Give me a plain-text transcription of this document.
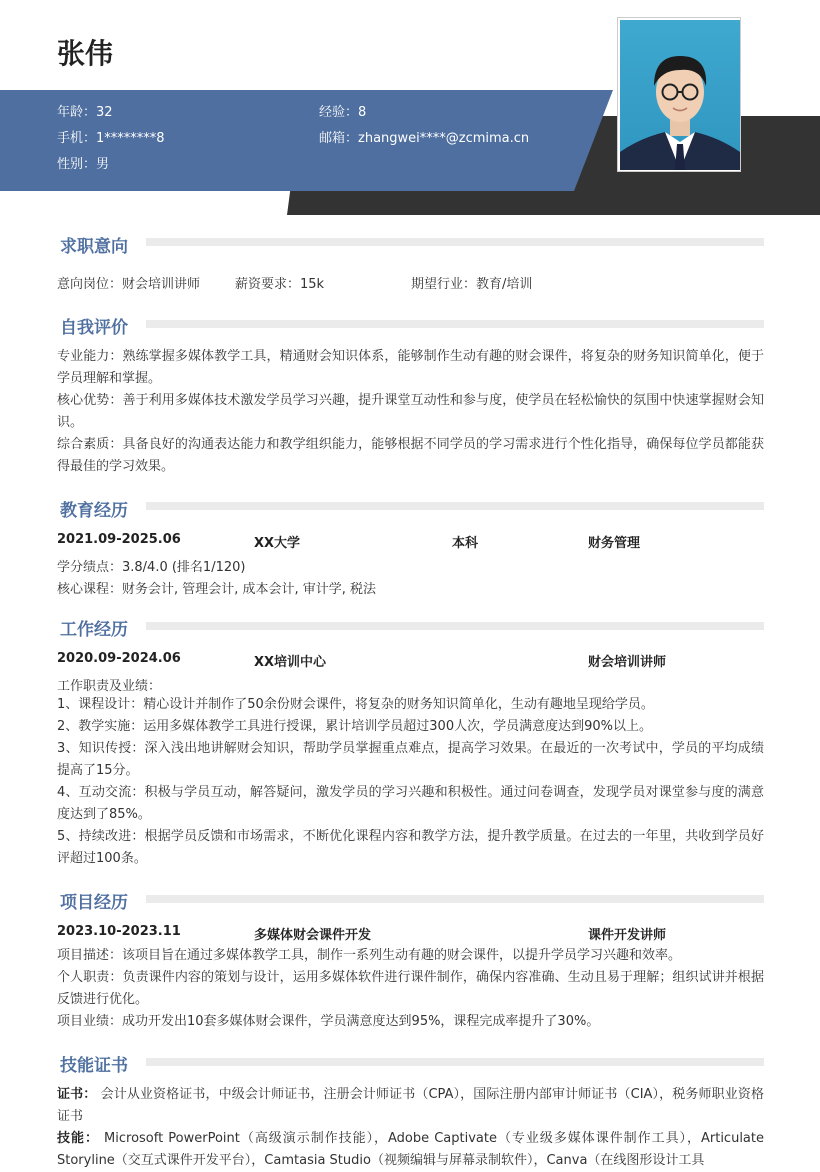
张伟
年龄：32	经验：8
手机：1********8	邮箱：zhangwei****@zcmima.cn
性别：男
求职意向
意向岗位：财会培训讲师	薪资要求：15k	期望行业：教育/培训
自我评价
专业能力：熟练掌握多媒体教学工具，精通财会知识体系，能够制作生动有趣的财会课件，将复杂的财务知识简单化，便于学员理解和掌握。
核心优势：善于利用多媒体技术激发学员学习兴趣，提升课堂互动性和参与度，使学员在轻松愉快的氛围中快速掌握财会知识。
综合素质：具备良好的沟通表达能力和教学组织能力，能够根据不同学员的学习需求进行个性化指导，确保每位学员都能获得最佳的学习效果。
教育经历
2021.09-2025.06	XX大学	本科	财务管理
学分绩点：3.8/4.0 (排名1/120)
核心课程：财务会计, 管理会计, 成本会计, 审计学, 税法
工作经历
2020.09-2024.06	XX培训中心	财会培训讲师
工作职责及业绩：
1、课程设计：精心设计并制作了50余份财会课件，将复杂的财务知识简单化，生动有趣地呈现给学员。
2、教学实施：运用多媒体教学工具进行授课，累计培训学员超过300人次，学员满意度达到90%以上。
3、知识传授：深入浅出地讲解财会知识，帮助学员掌握重点难点，提高学习效果。在最近的一次考试中，学员的平均成绩提高了15分。
4、互动交流：积极与学员互动，解答疑问，激发学员的学习兴趣和积极性。通过问卷调查，发现学员对课堂参与度的满意度达到了85%。
5、持续改进：根据学员反馈和市场需求，不断优化课程内容和教学方法，提升教学质量。在过去的一年里，共收到学员好评超过100条。
项目经历
2023.10-2023.11	多媒体财会课件开发	课件开发讲师
项目描述：该项目旨在通过多媒体教学工具，制作一系列生动有趣的财会课件，以提升学员学习兴趣和效率。
个人职责：负责课件内容的策划与设计，运用多媒体软件进行课件制作，确保内容准确、生动且易于理解；组织试讲并根据反馈进行优化。
项目业绩：成功开发出10套多媒体财会课件，学员满意度达到95%，课程完成率提升了30%。
技能证书
证书： 会计从业资格证书，中级会计师证书，注册会计师证书（CPA），国际注册内部审计师证书（CIA），税务师职业资格证书
技能： Microsoft PowerPoint（高级演示制作技能），Adobe Captivate（专业级多媒体课件制作工具），Articulate Storyline（交互式课件开发平台），Camtasia Studio（视频编辑与屏幕录制软件），Canva（在线图形设计工具
